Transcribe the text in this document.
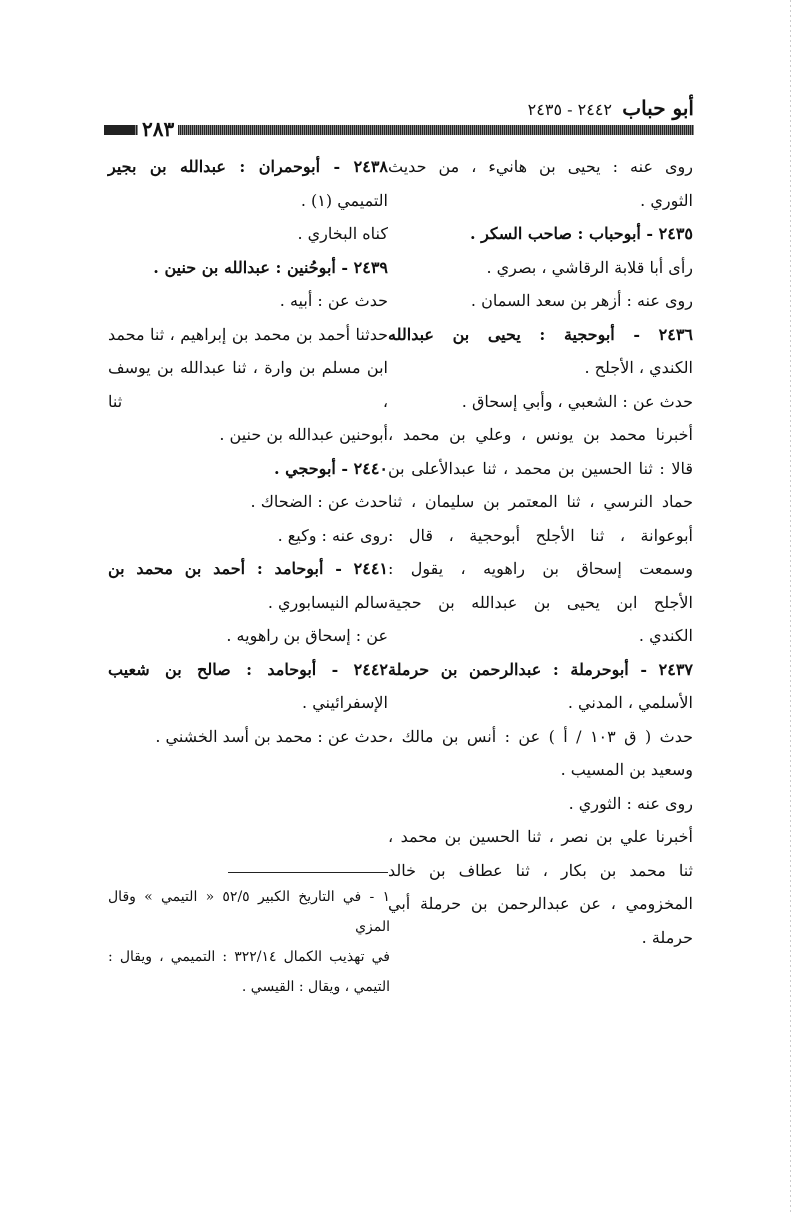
أبو حباب
٢٤٤٢ - ٢٤٣٥
٢٨٣
روى عنه : يحيى بن هانيء ، من حديث
الثوري .
٢٤٣٥ - أبوحباب : صاحب السكر .
رأى أبا قلابة الرقاشي ، بصري .
روى عنه : أزهر بن سعد السمان .
٢٤٣٦ - أبوحجية : يحيى بن عبدالله
الكندي ، الأجلح .
حدث عن : الشعبي ، وأبي إسحاق .
أخبرنا محمد بن يونس ، وعلي بن محمد ،
قالا : ثنا الحسين بن محمد ، ثنا عبدالأعلى بن
حماد النرسي ، ثنا المعتمر بن سليمان ، ثنا
أبوعوانة ، ثنا الأجلح أبوحجية ، قال :
وسمعت إسحاق بن راهويه ، يقول :
الأجلح ابن يحيى بن عبدالله بن حجية
الكندي .
٢٤٣٧ - أبوحرملة : عبدالرحمن بن حرملة
الأسلمي ، المدني .
حدث ( ق ١٠٣ / أ ) عن : أنس بن مالك ،
وسعيد بن المسيب .
روى عنه : الثوري .
أخبرنا علي بن نصر ، ثنا الحسين بن محمد ،
ثنا محمد بن بكار ، ثنا عطاف بن خالد
المخزومي ، عن عبدالرحمن بن حرملة أبي
حرملة .
٢٤٣٨ - أبوحمران : عبدالله بن بجير
التميمي (١) .
كناه البخاري .
٢٤٣٩ - أبوحُنين : عبدالله بن حنين .
حدث عن : أبيه .
حدثنا أحمد بن محمد بن إبراهيم ، ثنا محمد
ابن مسلم بن وارة ، ثنا عبدالله بن يوسف ، ثنا
أبوحنين عبدالله بن حنين .
٢٤٤٠ - أبوحجي .
حدث عن : الضحاك .
روى عنه : وكيع .
٢٤٤١ - أبوحامد : أحمد بن محمد بن
سالم النيسابوري .
عن : إسحاق بن راهويه .
٢٤٤٢ - أبوحامد : صالح بن شعيب
الإسفرائيني .
حدث عن : محمد بن أسد الخشني .
١ - في التاريخ الكبير ٥٢/٥ « التيمي » وقال المزي
في تهذيب الكمال ٣٢٢/١٤ : التميمي ، ويقال :
التيمي ، ويقال : القيسي .
